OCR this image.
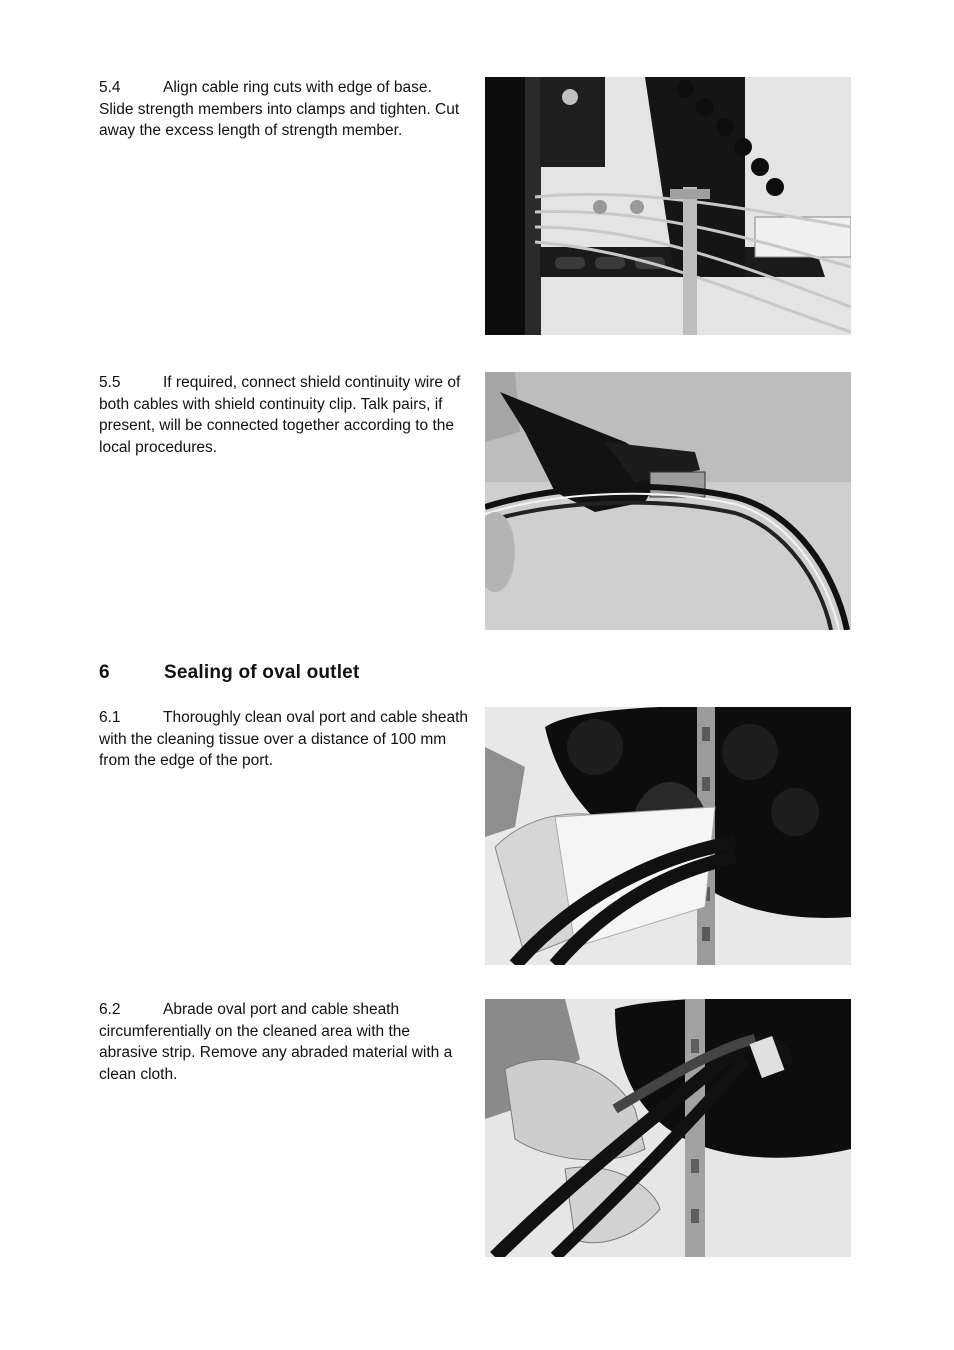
5.4	Align cable ring cuts with edge of base. Slide strength members into clamps and tighten. Cut away the excess length of strength member.
5.5	If required, connect shield continuity wire of both cables with shield continuity clip. Talk pairs, if present, will be connected together according to the local procedures.
6	Sealing of oval outlet
6.1	Thoroughly clean oval port and cable sheath with the cleaning tissue over a distance of 100 mm from the edge of the port.
6.2	Abrade oval port and cable sheath circumferentially on the cleaned area with the abrasive strip. Remove any abraded material with a clean cloth.
